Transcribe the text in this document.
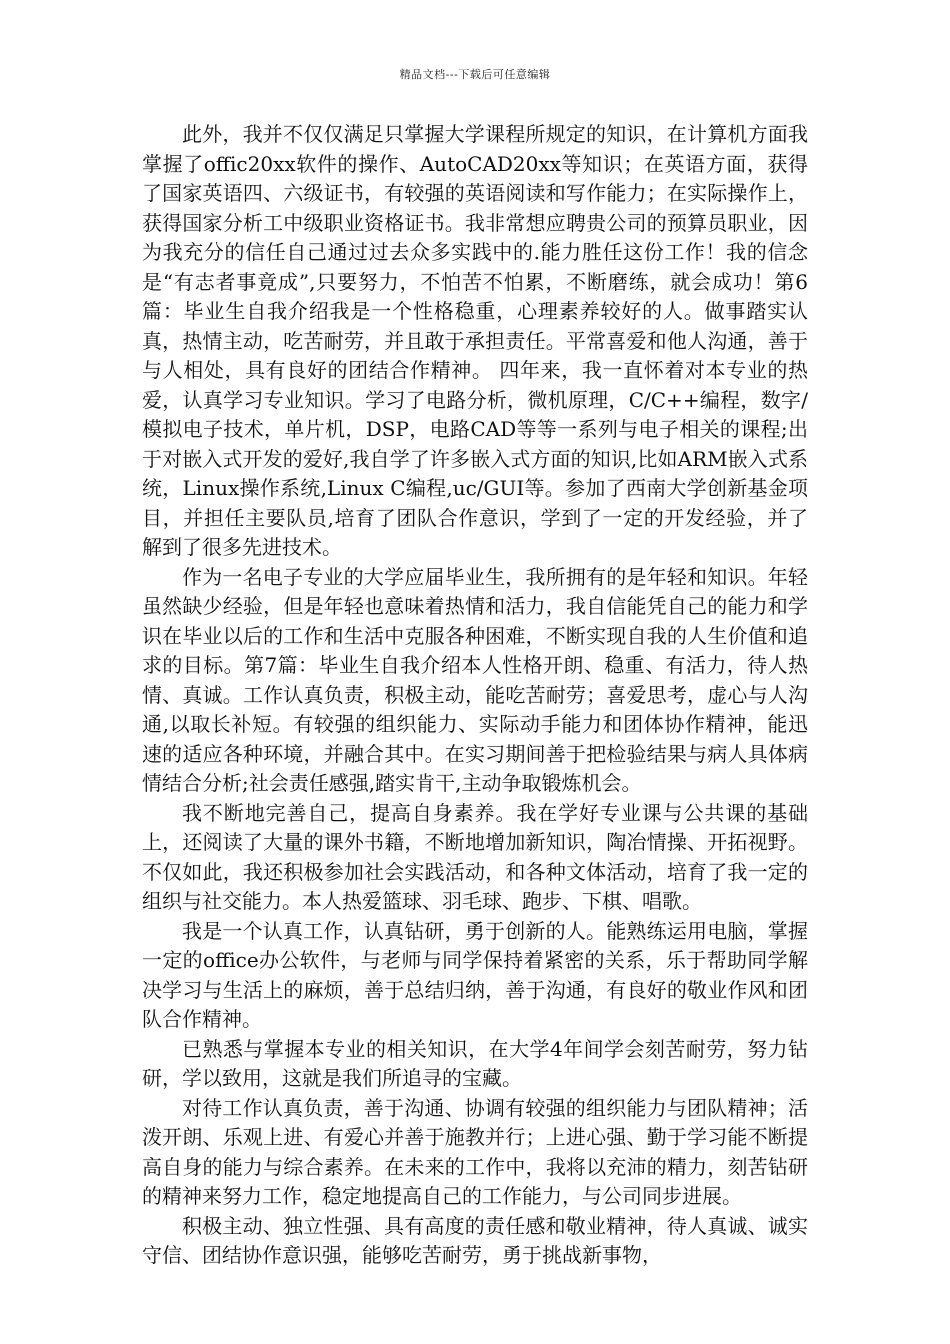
精品文档---下载后可任意编辑

此外，我并不仅仅满足只掌握大学课程所规定的知识，在计算机方面我掌握了offic20xx软件的操作、AutoCAD20xx等知识；在英语方面，获得了国家英语四、六级证书，有较强的英语阅读和写作能力；在实际操作上，获得国家分析工中级职业资格证书。我非常想应聘贵公司的预算员职业，因为我充分的信任自己通过过去众多实践中的.能力胜任这份工作！我的信念是“有志者事竟成”,只要努力，不怕苦不怕累，不断磨练，就会成功！第6篇：毕业生自我介绍我是一个性格稳重，心理素养较好的人。做事踏实认真，热情主动，吃苦耐劳，并且敢于承担责任。平常喜爱和他人沟通，善于与人相处，具有良好的团结合作精神。 四年来，我一直怀着对本专业的热爱，认真学习专业知识。学习了电路分析，微机原理，C/C++编程，数字/模拟电子技术，单片机，DSP，电路CAD等等一系列与电子相关的课程;出于对嵌入式开发的爱好,我自学了许多嵌入式方面的知识,比如ARM嵌入式系统，Linux操作系统,Linux C编程,uc/GUI等。参加了西南大学创新基金项目，并担任主要队员,培育了团队合作意识，学到了一定的开发经验，并了解到了很多先进技术。

作为一名电子专业的大学应届毕业生，我所拥有的是年轻和知识。年轻虽然缺少经验，但是年轻也意味着热情和活力，我自信能凭自己的能力和学识在毕业以后的工作和生活中克服各种困难，不断实现自我的人生价值和追求的目标。第7篇：毕业生自我介绍本人性格开朗、稳重、有活力，待人热情、真诚。工作认真负责，积极主动，能吃苦耐劳；喜爱思考，虚心与人沟通,以取长补短。有较强的组织能力、实际动手能力和团体协作精神，能迅速的适应各种环境，并融合其中。在实习期间善于把检验结果与病人具体病情结合分析;社会责任感强,踏实肯干,主动争取锻炼机会。

我不断地完善自己，提高自身素养。我在学好专业课与公共课的基础上，还阅读了大量的课外书籍，不断地增加新知识，陶冶情操、开拓视野。不仅如此，我还积极参加社会实践活动，和各种文体活动，培育了我一定的组织与社交能力。本人热爱篮球、羽毛球、跑步、下棋、唱歌。

我是一个认真工作，认真钻研，勇于创新的人。能熟练运用电脑，掌握一定的office办公软件，与老师与同学保持着紧密的关系，乐于帮助同学解决学习与生活上的麻烦，善于总结归纳，善于沟通，有良好的敬业作风和团队合作精神。

已熟悉与掌握本专业的相关知识，在大学4年间学会刻苦耐劳，努力钻研，学以致用，这就是我们所追寻的宝藏。

对待工作认真负责，善于沟通、协调有较强的组织能力与团队精神；活泼开朗、乐观上进、有爱心并善于施教并行；上进心强、勤于学习能不断提高自身的能力与综合素养。在未来的工作中，我将以充沛的精力，刻苦钻研的精神来努力工作，稳定地提高自己的工作能力，与公司同步进展。

积极主动、独立性强、具有高度的责任感和敬业精神，待人真诚、诚实守信、团结协作意识强，能够吃苦耐劳，勇于挑战新事物，
